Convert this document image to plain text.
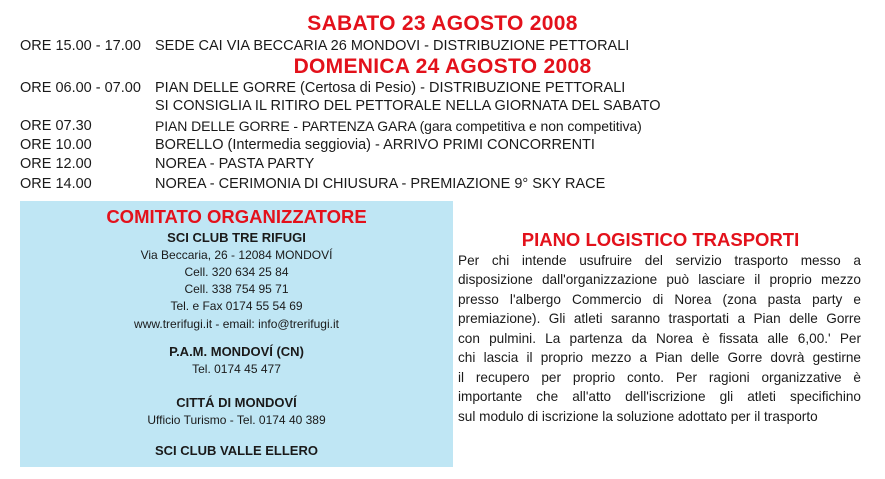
SABATO 23 AGOSTO 2008
ORE 15.00 - 17.00 SEDE CAI VIA BECCARIA 26 MONDOVI - DISTRIBUZIONE PETTORALI
DOMENICA 24 AGOSTO 2008
ORE 06.00 - 07.00 PIAN DELLE GORRE (Certosa di Pesio) - DISTRIBUZIONE PETTORALI
SI CONSIGLIA IL RITIRO DEL PETTORALE NELLA GIORNATA DEL SABATO
ORE 07.30	PIAN DELLE GORRE - PARTENZA GARA (gara competitiva e non competitiva)
ORE 10.00	BORELLO (Intermedia seggiovia) - ARRIVO PRIMI CONCORRENTI
ORE 12.00	NOREA - PASTA PARTY
ORE 14.00	NOREA - CERIMONIA DI CHIUSURA - PREMIAZIONE 9° SKY RACE
COMITATO ORGANIZZATORE
SCI CLUB TRE RIFUGI
Via Beccaria, 26 - 12084 MONDOVÍ
Cell. 320 634 25 84
Cell. 338 754 95 71
Tel. e Fax 0174 55 54 69
www.trerifugi.it - email: info@trerifugi.it
P.A.M. MONDOVÍ (CN)
Tel. 0174 45 477
CITTÁ DI MONDOVÍ
Ufficio Turismo - Tel. 0174 40 389
SCI CLUB VALLE ELLERO
PIANO LOGISTICO TRASPORTI
Per chi intende usufruire del servizio trasporto messo a
disposizione dall'organizzazione può lasciare il proprio mezzo
presso l'albergo Commercio di Norea (zona pasta party e
premiazione). Gli atleti saranno trasportati a Pian delle Gorre
con pulmini. La partenza da Norea è fissata alle 6,00.' Per
chi lascia il proprio mezzo a Pian delle Gorre dovrà gestirne
il recupero per proprio conto. Per ragioni organizzative è
importante che all'atto dell'iscrizione gli atleti specifichino
sul modulo di iscrizione la soluzione adottato per il trasporto
